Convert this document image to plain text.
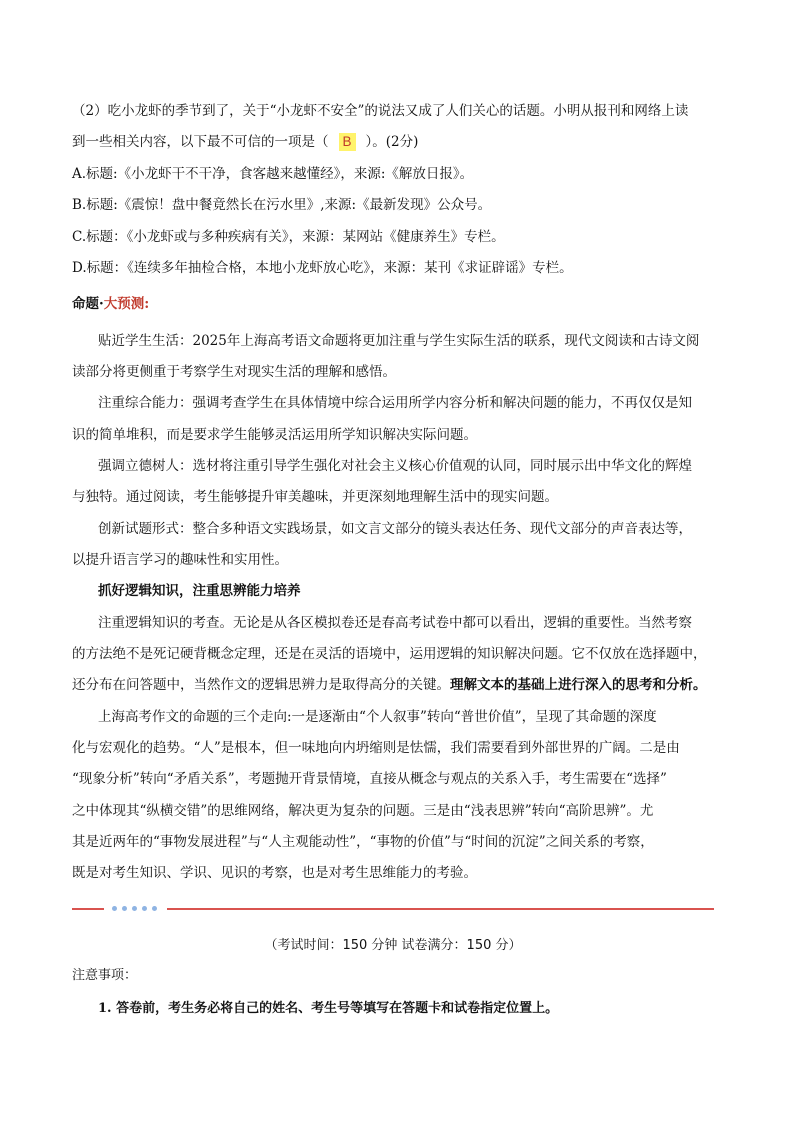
（2）吃小龙虾的季节到了，关于“小龙虾不安全”的说法又成了人们关心的话题。小明从报刊和网络上读
到一些相关内容，以下最不可信的一项是（ B ）。(2分)
A.标题:《小龙虾干不干净，食客越来越懂经》，来源:《解放日报》。
B.标题:《震惊！盘中餐竟然长在污水里》,来源:《最新发现》公众号。
C.标题：《小龙虾或与多种疾病有关》，来源：某网站《健康养生》专栏。
D.标题：《连续多年抽检合格，本地小龙虾放心吃》，来源：某刊《求证辟谣》专栏。
命题·大预测:
贴近学生生活：2025年上海高考语文命题将更加注重与学生实际生活的联系，现代文阅读和古诗文阅
读部分将更侧重于考察学生对现实生活的理解和感悟。
注重综合能力：强调考查学生在具体情境中综合运用所学内容分析和解决问题的能力，不再仅仅是知
识的简单堆积，而是要求学生能够灵活运用所学知识解决实际问题。
强调立德树人：选材将注重引导学生强化对社会主义核心价值观的认同，同时展示出中华文化的辉煌
与独特。通过阅读，考生能够提升审美趣味，并更深刻地理解生活中的现实问题。
创新试题形式：整合多种语文实践场景，如文言文部分的镜头表达任务、现代文部分的声音表达等，
以提升语言学习的趣味性和实用性。
抓好逻辑知识，注重思辨能力培养
注重逻辑知识的考查。无论是从各区模拟卷还是春高考试卷中都可以看出，逻辑的重要性。当然考察
的方法绝不是死记硬背概念定理，还是在灵活的语境中，运用逻辑的知识解决问题。它不仅放在选择题中，
还分布在问答题中，当然作文的逻辑思辨力是取得高分的关键。理解文本的基础上进行深入的思考和分析。
上海高考作文的命题的三个走向:一是逐渐由“个人叙事”转向“普世价值”，呈现了其命题的深度
化与宏观化的趋势。“人”是根本，但一味地向内坍缩则是怯懦，我们需要看到外部世界的广阔。二是由
“现象分析”转向“矛盾关系”，考题抛开背景情境，直接从概念与观点的关系入手，考生需要在“选择”
之中体现其“纵横交错”的思维网络，解决更为复杂的问题。三是由“浅表思辨”转向“高阶思辨”。尤
其是近两年的“事物发展进程”与“人主观能动性”，“事物的价值”与“时间的沉淀”之间关系的考察，
既是对考生知识、学识、见识的考察，也是对考生思维能力的考验。
（考试时间：150 分钟 试卷满分：150 分）
注意事项：
1. 答卷前，考生务必将自己的姓名、考生号等填写在答题卡和试卷指定位置上。
